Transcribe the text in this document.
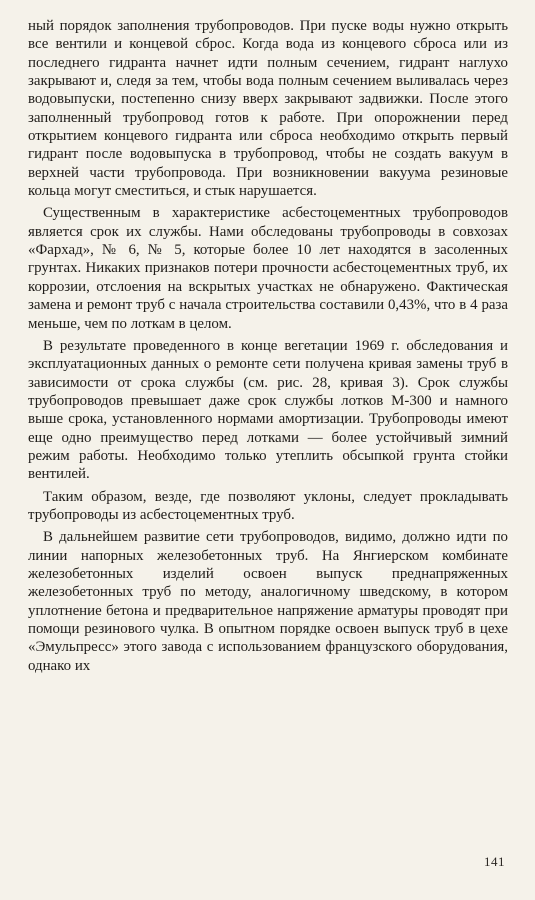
ный порядок заполнения трубопроводов. При пуске воды нужно открыть все вентили и концевой сброс. Когда вода из концевого сброса или из последнего гидранта начнет идти полным сечением, гидрант наглухо закрывают и, следя за тем, чтобы вода полным сечением выливалась через водовыпуски, постепенно снизу вверх закрывают задвижки. После этого заполненный трубопровод готов к работе. При опорожнении перед открытием концевого гидранта или сброса необходимо открыть первый гидрант после водовыпуска в трубопровод, чтобы не создать вакуум в верхней части трубопровода. При возникновении вакуума резиновые кольца могут сместиться, и стык нарушается.

Существенным в характеристике асбестоцементных трубопроводов является срок их службы. Нами обследованы трубопроводы в совхозах «Фархад», № 6, № 5, которые более 10 лет находятся в засоленных грунтах. Никаких признаков потери прочности асбестоцементных труб, их коррозии, отслоения на вскрытых участках не обнаружено. Фактическая замена и ремонт труб с начала строительства составили 0,43%, что в 4 раза меньше, чем по лоткам в целом.

В результате проведенного в конце вегетации 1969 г. обследования и эксплуатационных данных о ремонте сети получена кривая замены труб в зависимости от срока службы (см. рис. 28, кривая 3). Срок службы трубопроводов превышает даже срок службы лотков М-300 и намного выше срока, установленного нормами амортизации. Трубопроводы имеют еще одно преимущество перед лотками — более устойчивый зимний режим работы. Необходимо только утеплить обсыпкой грунта стойки вентилей.

Таким образом, везде, где позволяют уклоны, следует прокладывать трубопроводы из асбестоцементных труб.

В дальнейшем развитие сети трубопроводов, видимо, должно идти по линии напорных железобетонных труб. На Янгиерском комбинате железобетонных изделий освоен выпуск преднапряженных железобетонных труб по методу, аналогичному шведскому, в котором уплотнение бетона и предварительное напряжение арматуры проводят при помощи резинового чулка. В опытном порядке освоен выпуск труб в цехе «Эмульпресс» этого завода с использованием французского оборудования, однако их

141
